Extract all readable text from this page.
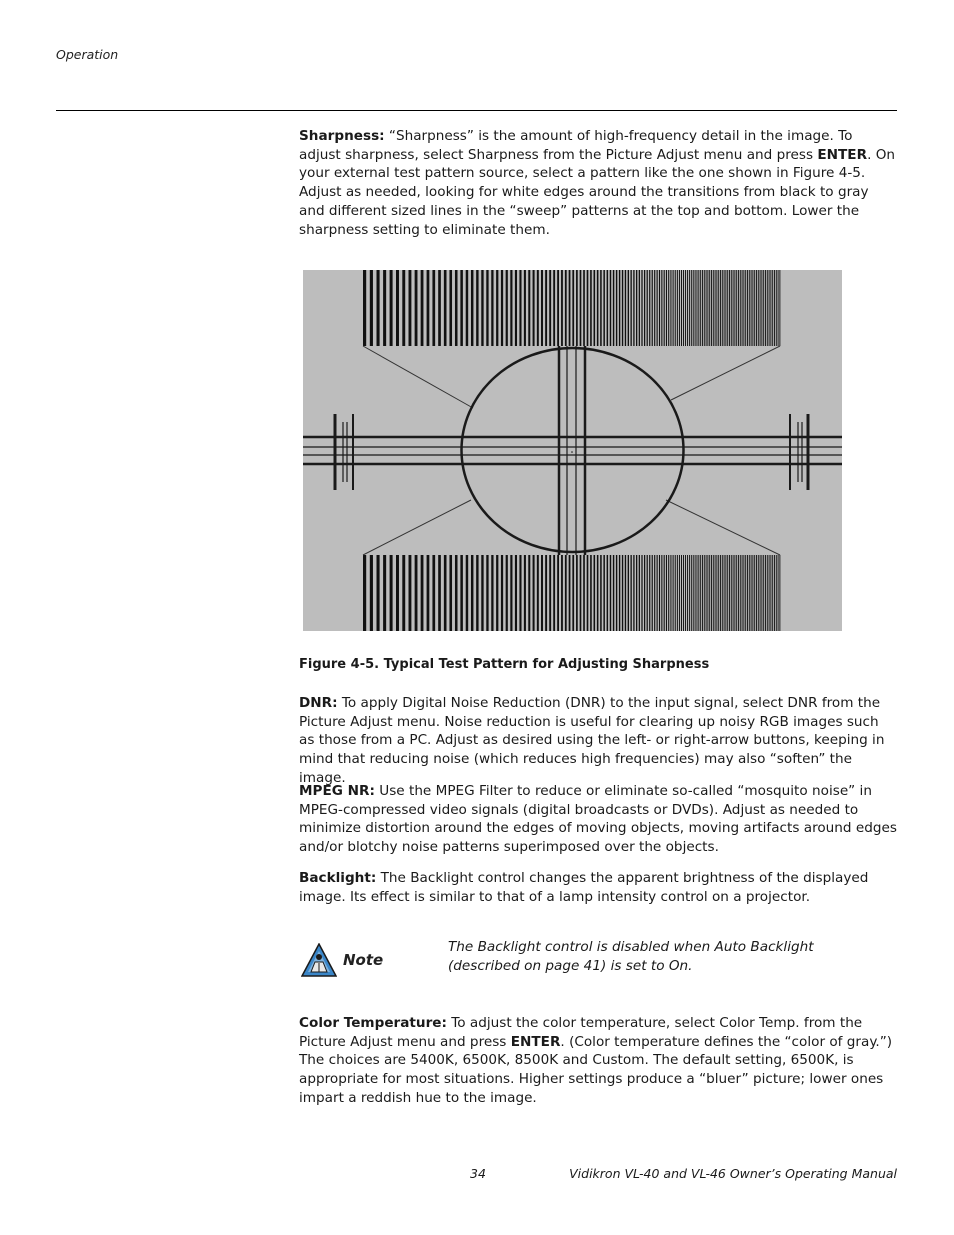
Operation

Sharpness: “Sharpness” is the amount of high-frequency detail in the image. To adjust sharpness, select Sharpness from the Picture Adjust menu and press ENTER. On your external test pattern source, select a pattern like the one shown in Figure 4-5. Adjust as needed, looking for white edges around the transitions from black to gray and different sized lines in the “sweep” patterns at the top and bottom. Lower the sharpness setting to eliminate them.

Figure 4-5. Typical Test Pattern for Adjusting Sharpness

DNR: To apply Digital Noise Reduction (DNR) to the input signal, select DNR from the Picture Adjust menu. Noise reduction is useful for clearing up noisy RGB images such as those from a PC. Adjust as desired using the left- or right-arrow buttons, keeping in mind that reducing noise (which reduces high frequencies) may also “soften” the image.

MPEG NR: Use the MPEG Filter to reduce or eliminate so-called “mosquito noise” in MPEG-compressed video signals (digital broadcasts or DVDs). Adjust as needed to minimize distortion around the edges of moving objects, moving artifacts around edges and/or blotchy noise patterns superimposed over the objects.

Backlight: The Backlight control changes the apparent brightness of the displayed image. Its effect is similar to that of a lamp intensity control on a projector.

Note
The Backlight control is disabled when Auto Backlight (described on page 41) is set to On.

Color Temperature: To adjust the color temperature, select Color Temp. from the Picture Adjust menu and press ENTER. (Color temperature defines the “color of gray.”) The choices are 5400K, 6500K, 8500K and Custom. The default setting, 6500K, is appropriate for most situations. Higher settings produce a “bluer” picture; lower ones impart a reddish hue to the image.

34	Vidikron VL-40 and VL-46 Owner’s Operating Manual
